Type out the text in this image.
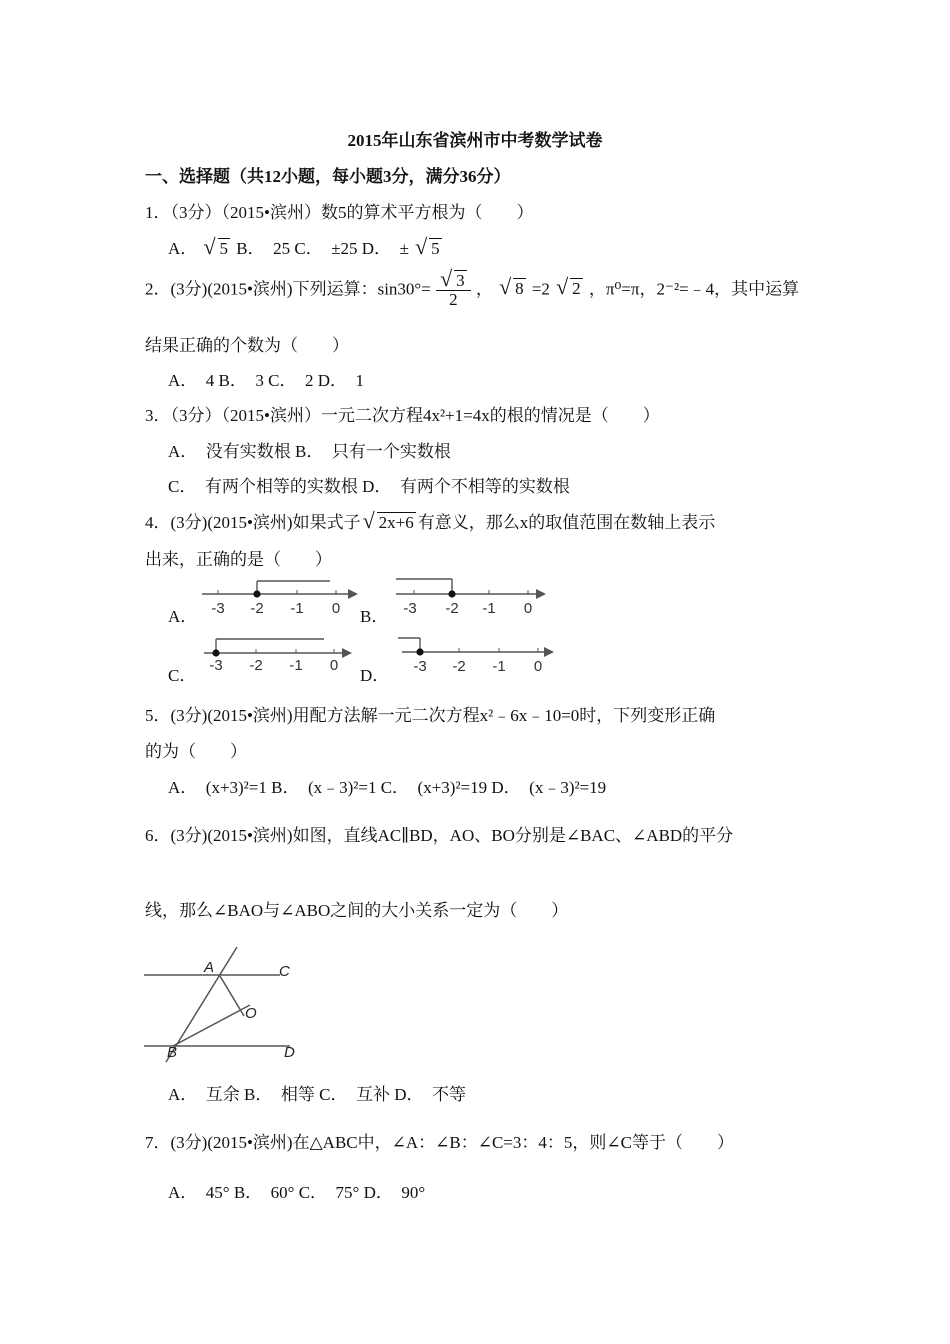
2015年山东省滨州市中考数学试卷
一、选择题（共12小题，每小题3分，满分36分）
1．（3分）（2015•滨州）数5的算术平方根为（　　）
A． √ 5 B．　25 C．　±25 D．　± √ 5
2．(3分)(2015•滨州)下列运算：$\sin 30^\circ= \frac{√ 3}{2}$ ， √ 8 =2 √ 2 ，π⁰=π，2⁻²=﹣4，其中运算
结果正确的个数为（　　）
A．　4 B．　3 C．　2 D．　1
3．（3分）（2015•滨州）一元二次方程4x²+1=4x的根的情况是（　　）
A．　没有实数根 B．　只有一个实数根
C．　有两个相等的实数根 D．　有两个不相等的实数根
4．(3分)(2015•滨州)如果式子 √ 2x+6 有意义，那么x的取值范围在数轴上表示
出来，正确的是（　　）
A．	B．
C．	D．
-3 -2 -1 0	-3 -2 -1 0
-3 -2 -1 0	-3 -2 -1 0
5．(3分)(2015•滨州)用配方法解一元二次方程x²﹣6x﹣10=0时，下列变形正确
的为（　　）
A．　(x+3)²=1 B．　(x﹣3)²=1 C．　(x+3)²=19 D．　(x﹣3)²=19
6．(3分)(2015•滨州)如图，直线AC∥BD，AO、BO分别是∠BAC、∠ABD的平分
线，那么∠BAO与∠ABO之间的大小关系一定为（　　）
A	C
O
B	D
A．　互余 B．　相等 C．　互补 D．　不等
7．(3分)(2015•滨州)在△ABC中，∠A：∠B：∠C=3：4：5，则∠C等于（　　）
A．　45° B．　60° C．　75° D．　90°
